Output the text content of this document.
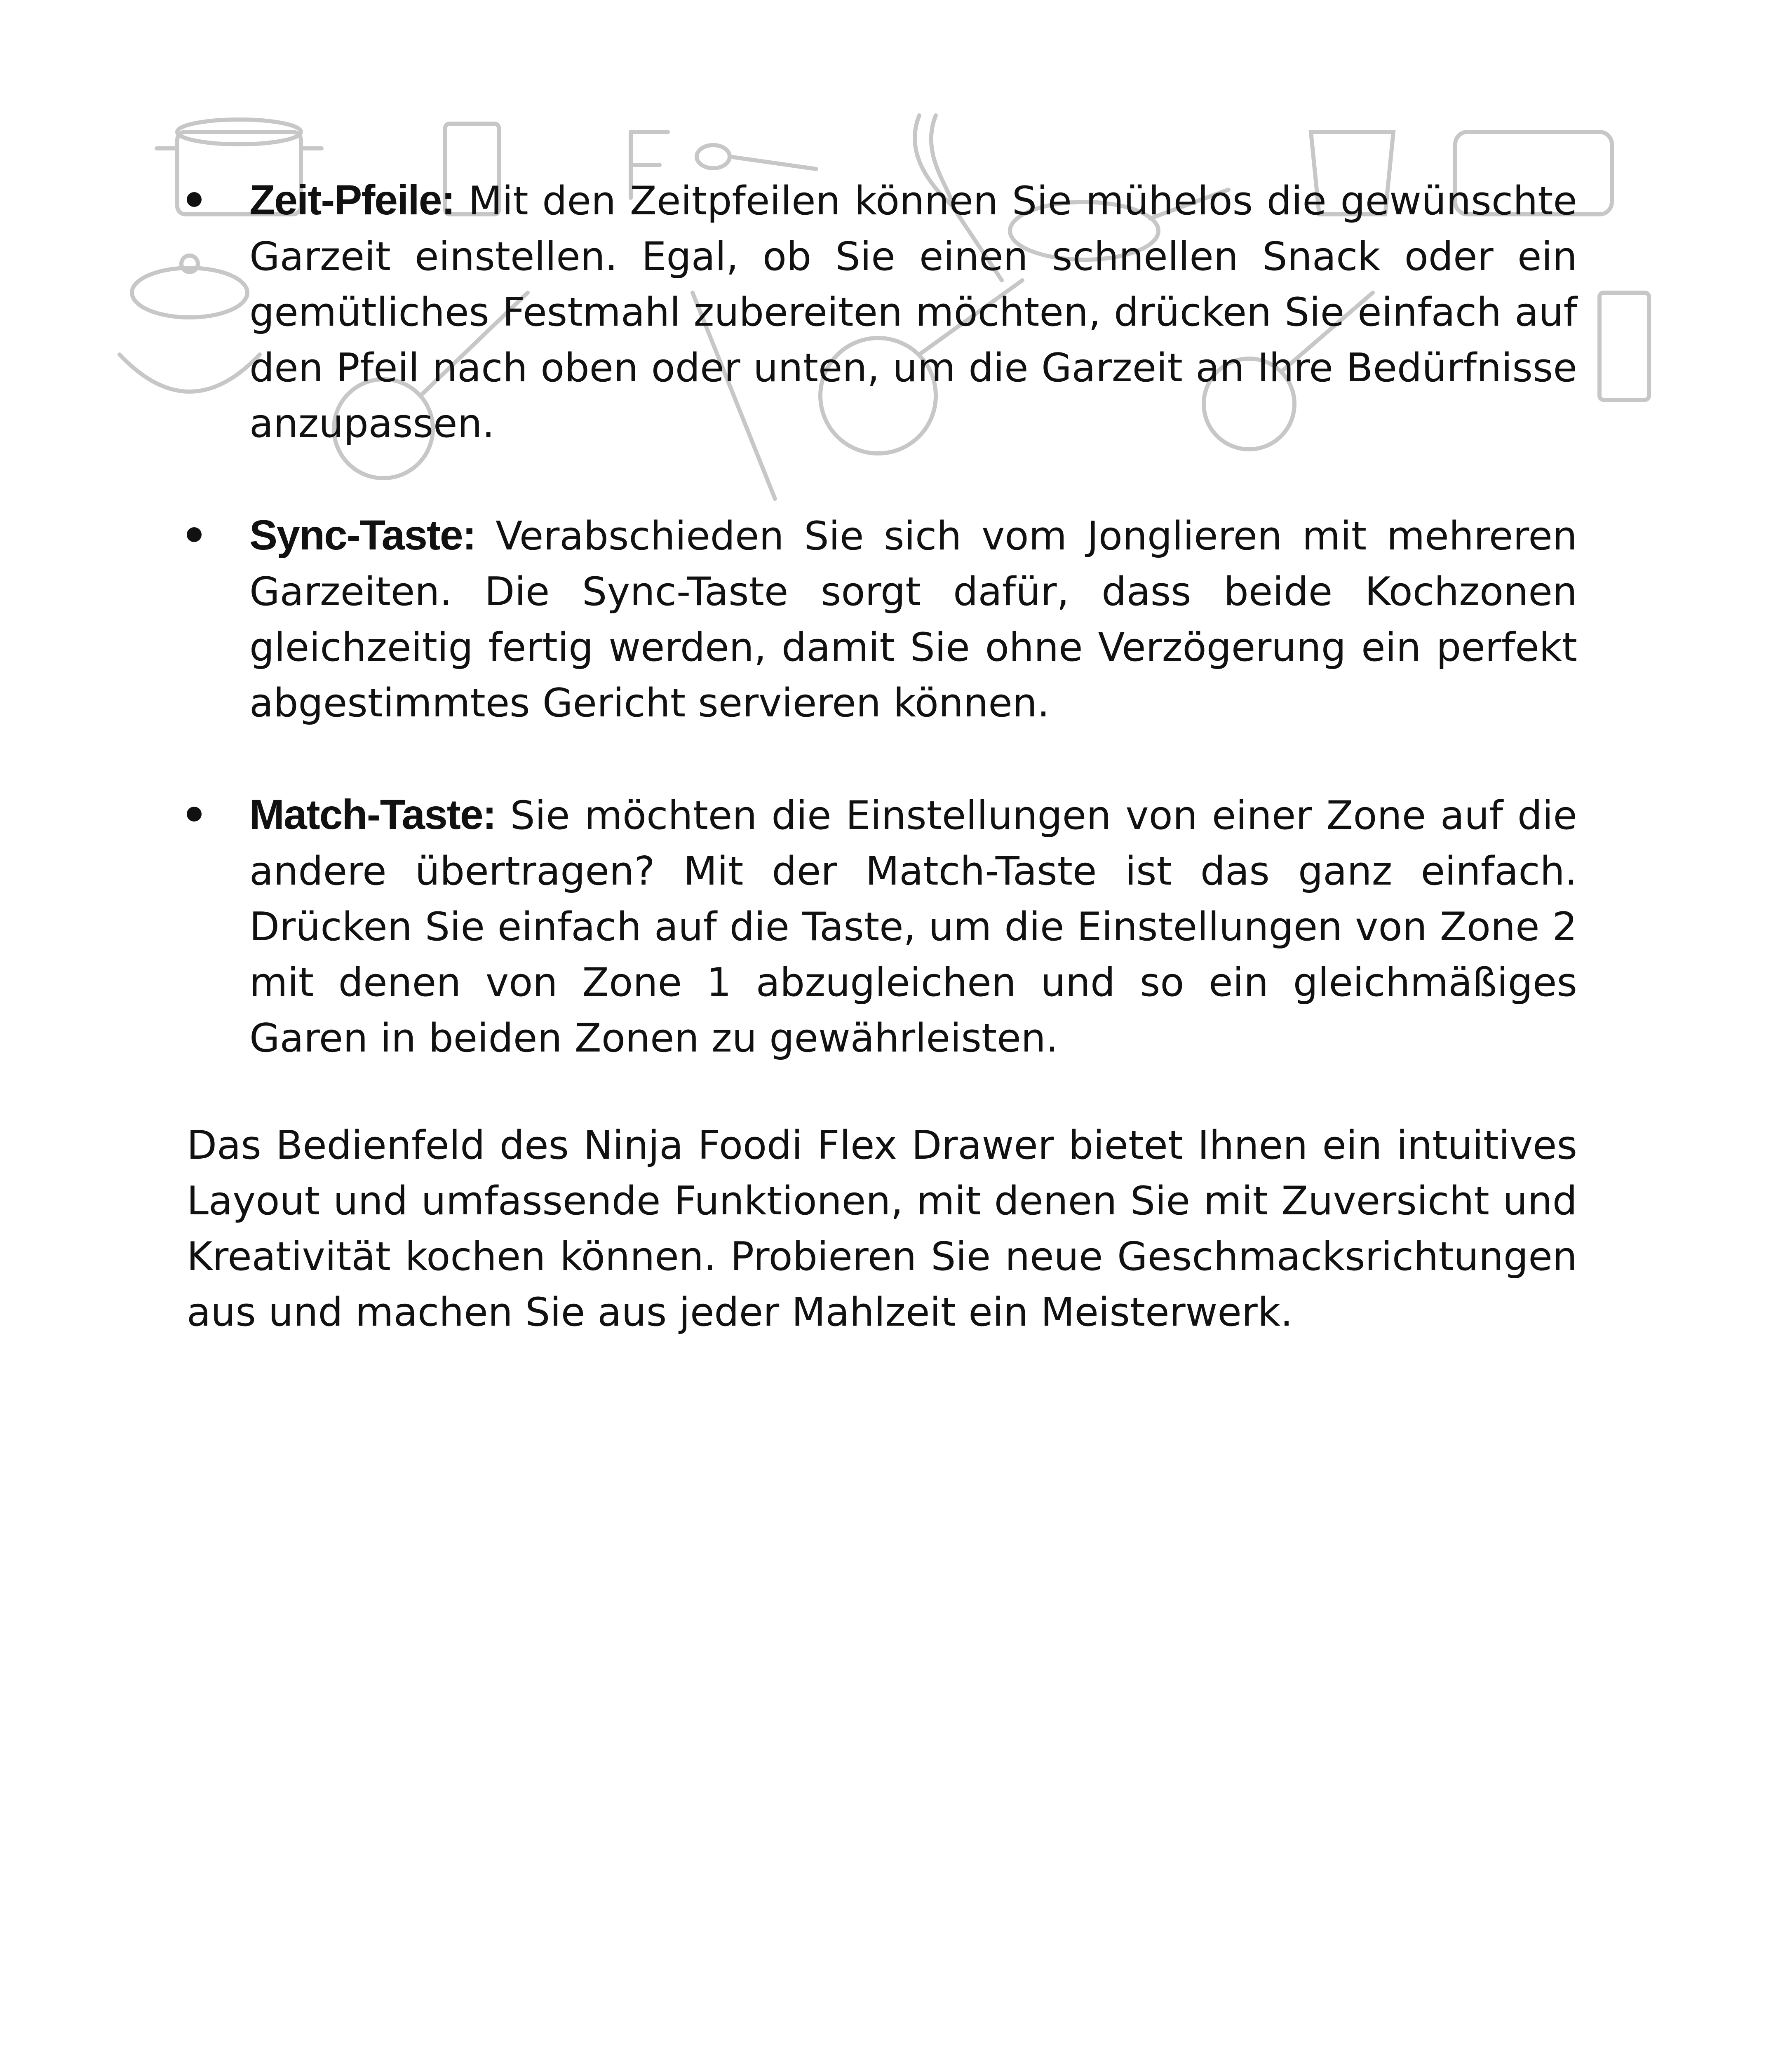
Zeit-Pfeile: Mit den Zeitpfeilen können Sie mühelos die gewünschte Garzeit einstellen. Egal, ob Sie einen schnellen Snack oder ein gemütliches Festmahl zubereiten möchten, drücken Sie einfach auf den Pfeil nach oben oder unten, um die Garzeit an Ihre Bedürfnisse anzupassen.
Sync-Taste: Verabschieden Sie sich vom Jonglieren mit mehreren Garzeiten. Die Sync-Taste sorgt dafür, dass beide Kochzonen gleichzeitig fertig werden, damit Sie ohne Verzögerung ein perfekt abgestimmtes Gericht servieren können.
Match-Taste: Sie möchten die Einstellungen von einer Zone auf die andere übertragen? Mit der Match-Taste ist das ganz einfach. Drücken Sie einfach auf die Taste, um die Einstellungen von Zone 2 mit denen von Zone 1 abzugleichen und so ein gleichmäßiges Garen in beiden Zonen zu gewährleisten.

Das Bedienfeld des Ninja Foodi Flex Drawer bietet Ihnen ein intuitives Layout und umfassende Funktionen, mit denen Sie mit Zuversicht und Kreativität kochen können. Probieren Sie neue Geschmacksrichtungen aus und machen Sie aus jeder Mahlzeit ein Meisterwerk.
